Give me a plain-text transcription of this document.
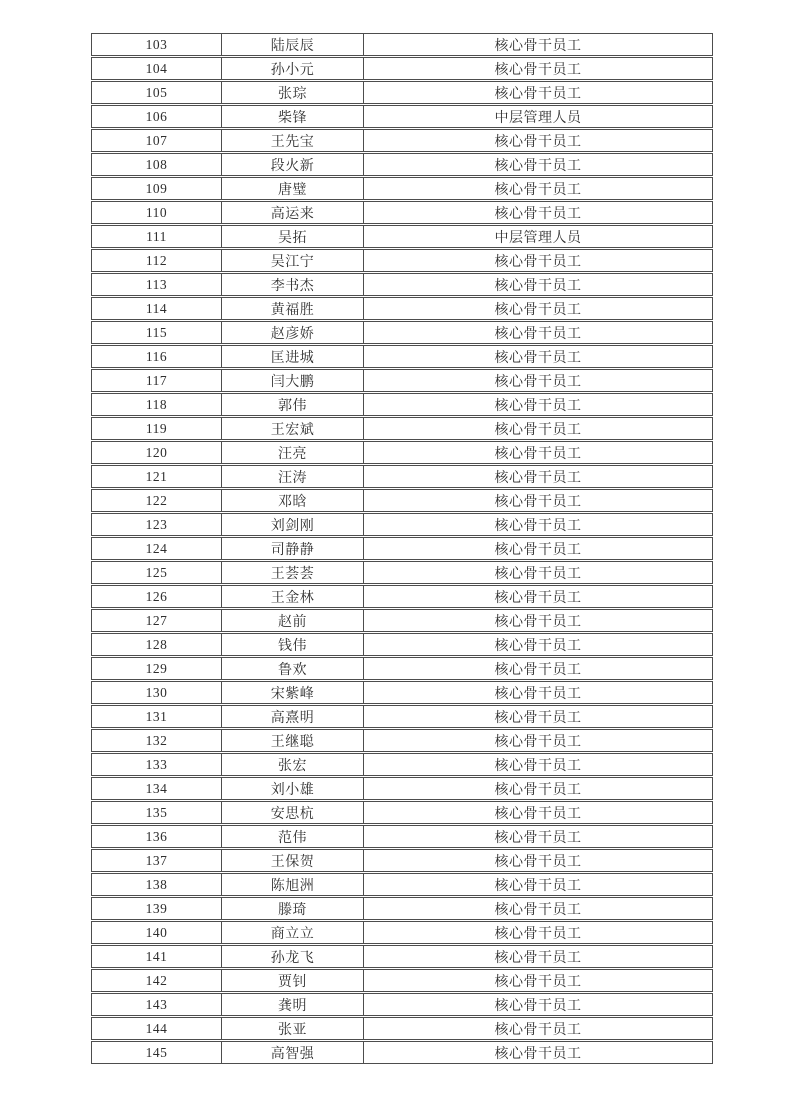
103	陆辰辰	核心骨干员工
104	孙小元	核心骨干员工
105	张琮	核心骨干员工
106	柴锋	中层管理人员
107	王先宝	核心骨干员工
108	段火新	核心骨干员工
109	唐璧	核心骨干员工
110	高运来	核心骨干员工
111	吴拓	中层管理人员
112	吴江宁	核心骨干员工
113	李书杰	核心骨干员工
114	黄福胜	核心骨干员工
115	赵彦娇	核心骨干员工
116	匡进城	核心骨干员工
117	闫大鹏	核心骨干员工
118	郭伟	核心骨干员工
119	王宏斌	核心骨干员工
120	汪亮	核心骨干员工
121	汪涛	核心骨干员工
122	邓晗	核心骨干员工
123	刘剑刚	核心骨干员工
124	司静静	核心骨干员工
125	王荟荟	核心骨干员工
126	王金林	核心骨干员工
127	赵前	核心骨干员工
128	钱伟	核心骨干员工
129	鲁欢	核心骨干员工
130	宋紫峰	核心骨干员工
131	高熹明	核心骨干员工
132	王继聪	核心骨干员工
133	张宏	核心骨干员工
134	刘小雄	核心骨干员工
135	安思杭	核心骨干员工
136	范伟	核心骨干员工
137	王保贺	核心骨干员工
138	陈旭洲	核心骨干员工
139	滕琦	核心骨干员工
140	商立立	核心骨干员工
141	孙龙飞	核心骨干员工
142	贾钊	核心骨干员工
143	龚明	核心骨干员工
144	张亚	核心骨干员工
145	高智强	核心骨干员工
